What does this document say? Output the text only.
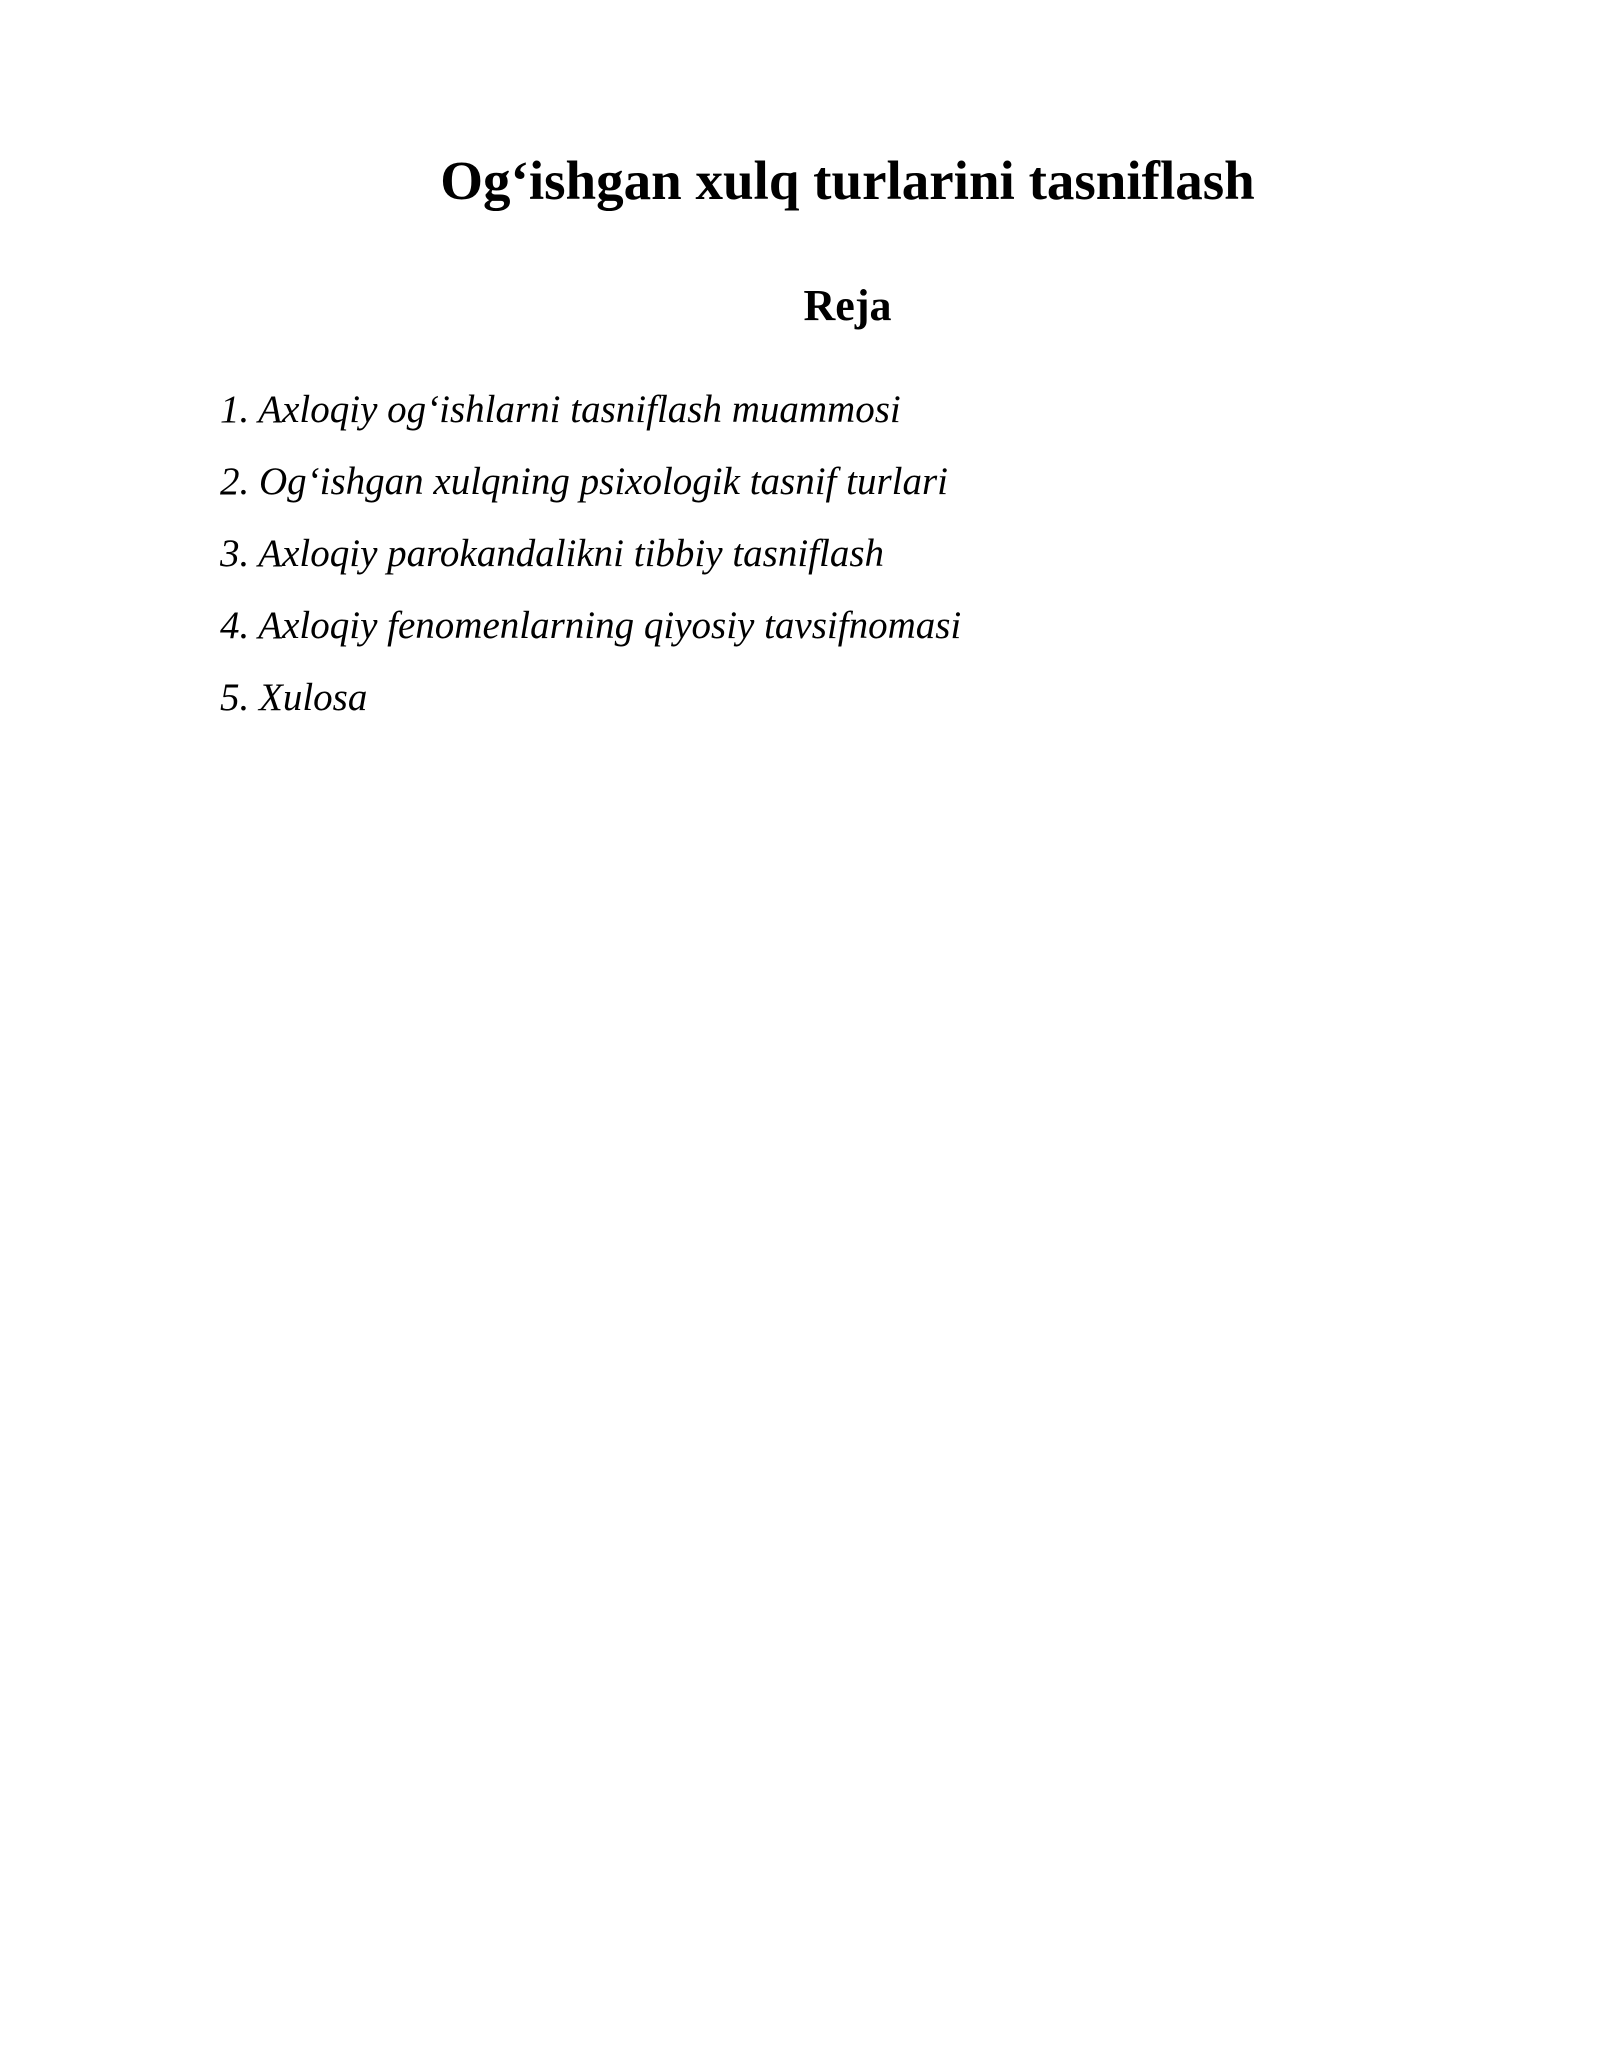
Og‘ishgan xulq turlarini tasniflash
Reja
1. Axloqiy og‘ishlarni tasniflash muammosi
2. Og‘ishgan xulqning psixologik tasnif turlari
3. Axloqiy parokandalikni tibbiy tasniflash
4. Axloqiy fenomenlarning qiyosiy tavsifnomasi
5. Xulosa
